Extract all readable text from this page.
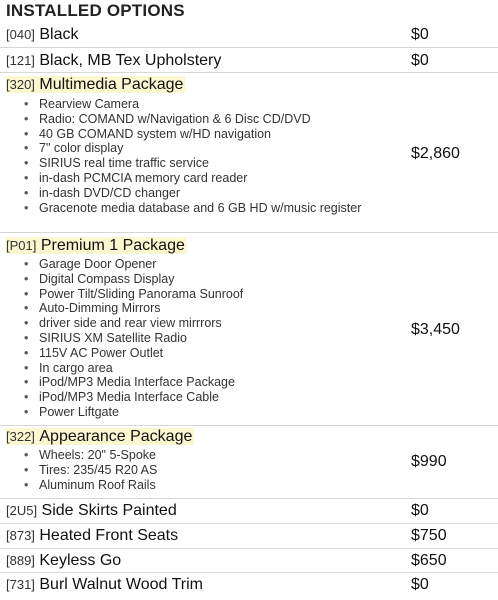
INSTALLED OPTIONS
[040] Black	$0
[121] Black, MB Tex Upholstery	$0
[320] Multimedia Package
• Rearview Camera
• Radio: COMAND w/Navigation & 6 Disc CD/DVD
• 40 GB COMAND system w/HD navigation
• 7" color display
• SIRIUS real time traffic service
• in-dash PCMCIA memory card reader
• in-dash DVD/CD changer
• Gracenote media database and 6 GB HD w/music register
$2,860
[P01] Premium 1 Package
• Garage Door Opener
• Digital Compass Display
• Power Tilt/Sliding Panorama Sunroof
• Auto-Dimming Mirrors
• driver side and rear view mirrrors
• SIRIUS XM Satellite Radio
• 115V AC Power Outlet
• In cargo area
• iPod/MP3 Media Interface Package
• iPod/MP3 Media Interface Cable
• Power Liftgate
$3,450
[322] Appearance Package
• Wheels: 20" 5-Spoke
• Tires: 235/45 R20 AS
• Aluminum Roof Rails
$990
[2U5] Side Skirts Painted	$0
[873] Heated Front Seats	$750
[889] Keyless Go	$650
[731] Burl Walnut Wood Trim	$0
